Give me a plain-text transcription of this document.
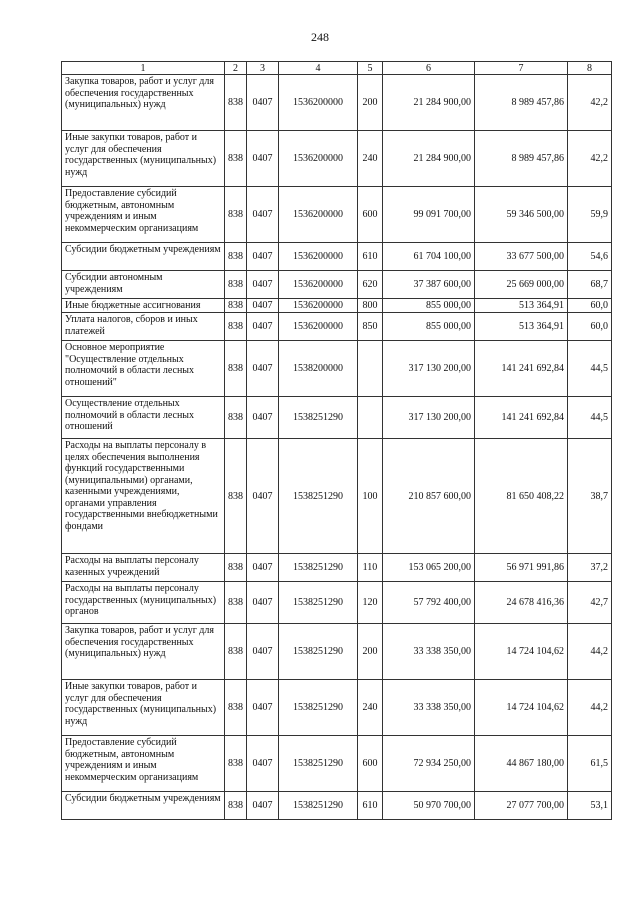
248
1	2	3	4	5	6	7	8
Закупка товаров, работ и услуг для обеспечения государственных (муниципальных) нужд	838	0407	1536200000	200	21 284 900,00	8 989 457,86	42,2
Иные закупки товаров, работ и услуг для обеспечения государственных (муниципальных) нужд	838	0407	1536200000	240	21 284 900,00	8 989 457,86	42,2
Предоставление субсидий бюджетным, автономным учреждениям и иным некоммерческим организациям	838	0407	1536200000	600	99 091 700,00	59 346 500,00	59,9
Субсидии бюджетным учреждениям	838	0407	1536200000	610	61 704 100,00	33 677 500,00	54,6
Субсидии автономным учреждениям	838	0407	1536200000	620	37 387 600,00	25 669 000,00	68,7
Иные бюджетные ассигнования	838	0407	1536200000	800	855 000,00	513 364,91	60,0
Уплата налогов, сборов и иных платежей	838	0407	1536200000	850	855 000,00	513 364,91	60,0
Основное мероприятие "Осуществление отдельных полномочий в области лесных отношений"	838	0407	1538200000		317 130 200,00	141 241 692,84	44,5
Осуществление отдельных полномочий в области лесных отношений	838	0407	1538251290		317 130 200,00	141 241 692,84	44,5
Расходы на выплаты персоналу в целях обеспечения выполнения функций государственными (муниципальными) органами, казенными учреждениями, органами управления государственными внебюджетными фондами	838	0407	1538251290	100	210 857 600,00	81 650 408,22	38,7
Расходы на выплаты персоналу казенных учреждений	838	0407	1538251290	110	153 065 200,00	56 971 991,86	37,2
Расходы на выплаты персоналу государственных (муниципальных) органов	838	0407	1538251290	120	57 792 400,00	24 678 416,36	42,7
Закупка товаров, работ и услуг для обеспечения государственных (муниципальных) нужд	838	0407	1538251290	200	33 338 350,00	14 724 104,62	44,2
Иные закупки товаров, работ и услуг для обеспечения государственных (муниципальных) нужд	838	0407	1538251290	240	33 338 350,00	14 724 104,62	44,2
Предоставление субсидий бюджетным, автономным учреждениям и иным некоммерческим организациям	838	0407	1538251290	600	72 934 250,00	44 867 180,00	61,5
Субсидии бюджетным учреждениям	838	0407	1538251290	610	50 970 700,00	27 077 700,00	53,1
